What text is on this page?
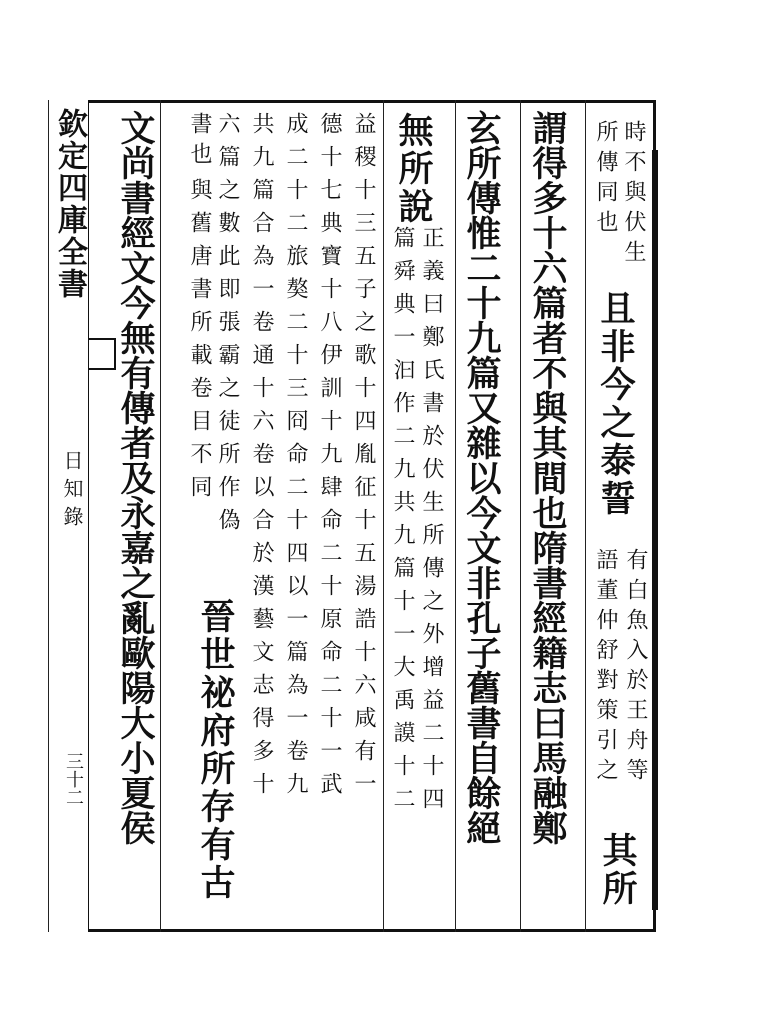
欽定四庫全書
日知錄
三十二
時不與伏生
所傳同也
且非今之泰誓
有白魚入於王舟等
語董仲舒對策引之
其所
謂得多十六篇者不與其間也隋書經籍志曰馬融鄭
玄所傳惟二十九篇又雜以今文非孔子舊書自餘絕
無所說
正義曰鄭氏書於伏生所傳之外增益二十四
篇舜典一汩作二九共九篇十一大禹謨十二
益稷十三五子之歌十四胤征十五湯誥十六咸有一
德十七典寶十八伊訓十九肆命二十原命二十一武
成二十二旅獒二十三冏命二十四以一篇為一卷九
共九篇合為一卷通十六卷以合於漢藝文志得多十
六篇之數此即張霸之徒所作偽
書也
與舊唐書所載卷目不同
晉世祕府所存有古
文尚書經文今無有傳者及永嘉之亂歐陽大小夏侯
